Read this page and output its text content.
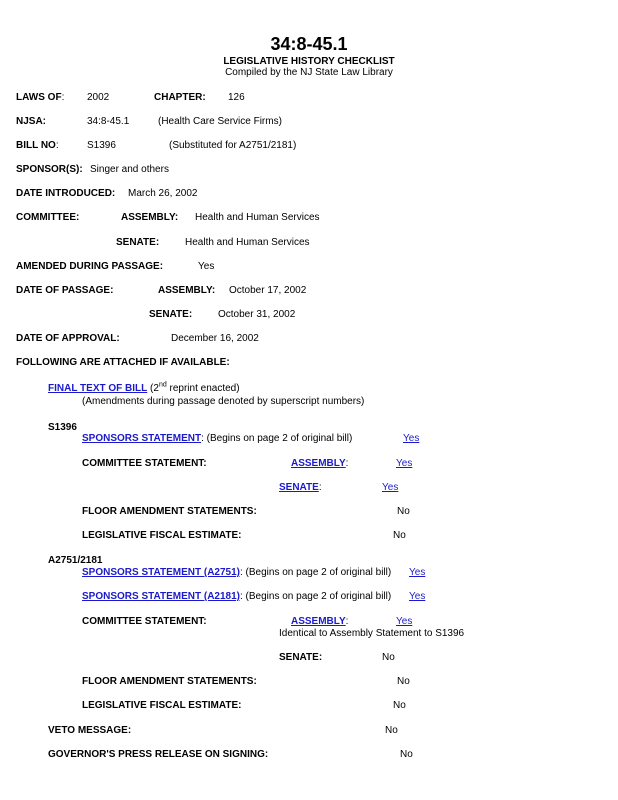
34:8-45.1
LEGISLATIVE HISTORY CHECKLIST
Compiled by the NJ State Law Library
LAWS OF: 2002	CHAPTER: 126
NJSA:	34:8-45.1	(Health Care Service Firms)
BILL NO:	S1396	(Substituted for A2751/2181)
SPONSOR(S): Singer and others
DATE INTRODUCED: March 26, 2002
COMMITTEE:	ASSEMBLY: Health and Human Services
SENATE:	Health and Human Services
AMENDED DURING PASSAGE:	Yes
DATE OF PASSAGE:	ASSEMBLY: October 17, 2002
SENATE:	October 31, 2002
DATE OF APPROVAL:	December 16, 2002
FOLLOWING ARE ATTACHED IF AVAILABLE:
FINAL TEXT OF BILL (2nd reprint enacted)
(Amendments during passage denoted by superscript numbers)
S1396
SPONSORS STATEMENT: (Begins on page 2 of original bill)	Yes
COMMITTEE STATEMENT:	ASSEMBLY:	Yes
SENATE:	Yes
FLOOR AMENDMENT STATEMENTS:	No
LEGISLATIVE FISCAL ESTIMATE:	No
A2751/2181
SPONSORS STATEMENT (A2751): (Begins on page 2 of original bill) Yes
SPONSORS STATEMENT (A2181): (Begins on page 2 of original bill) Yes
COMMITTEE STATEMENT:	ASSEMBLY:	Yes
Identical to Assembly Statement to S1396
SENATE:	No
FLOOR AMENDMENT STATEMENTS:	No
LEGISLATIVE FISCAL ESTIMATE:	No
VETO MESSAGE:	No
GOVERNOR'S PRESS RELEASE ON SIGNING:	No
